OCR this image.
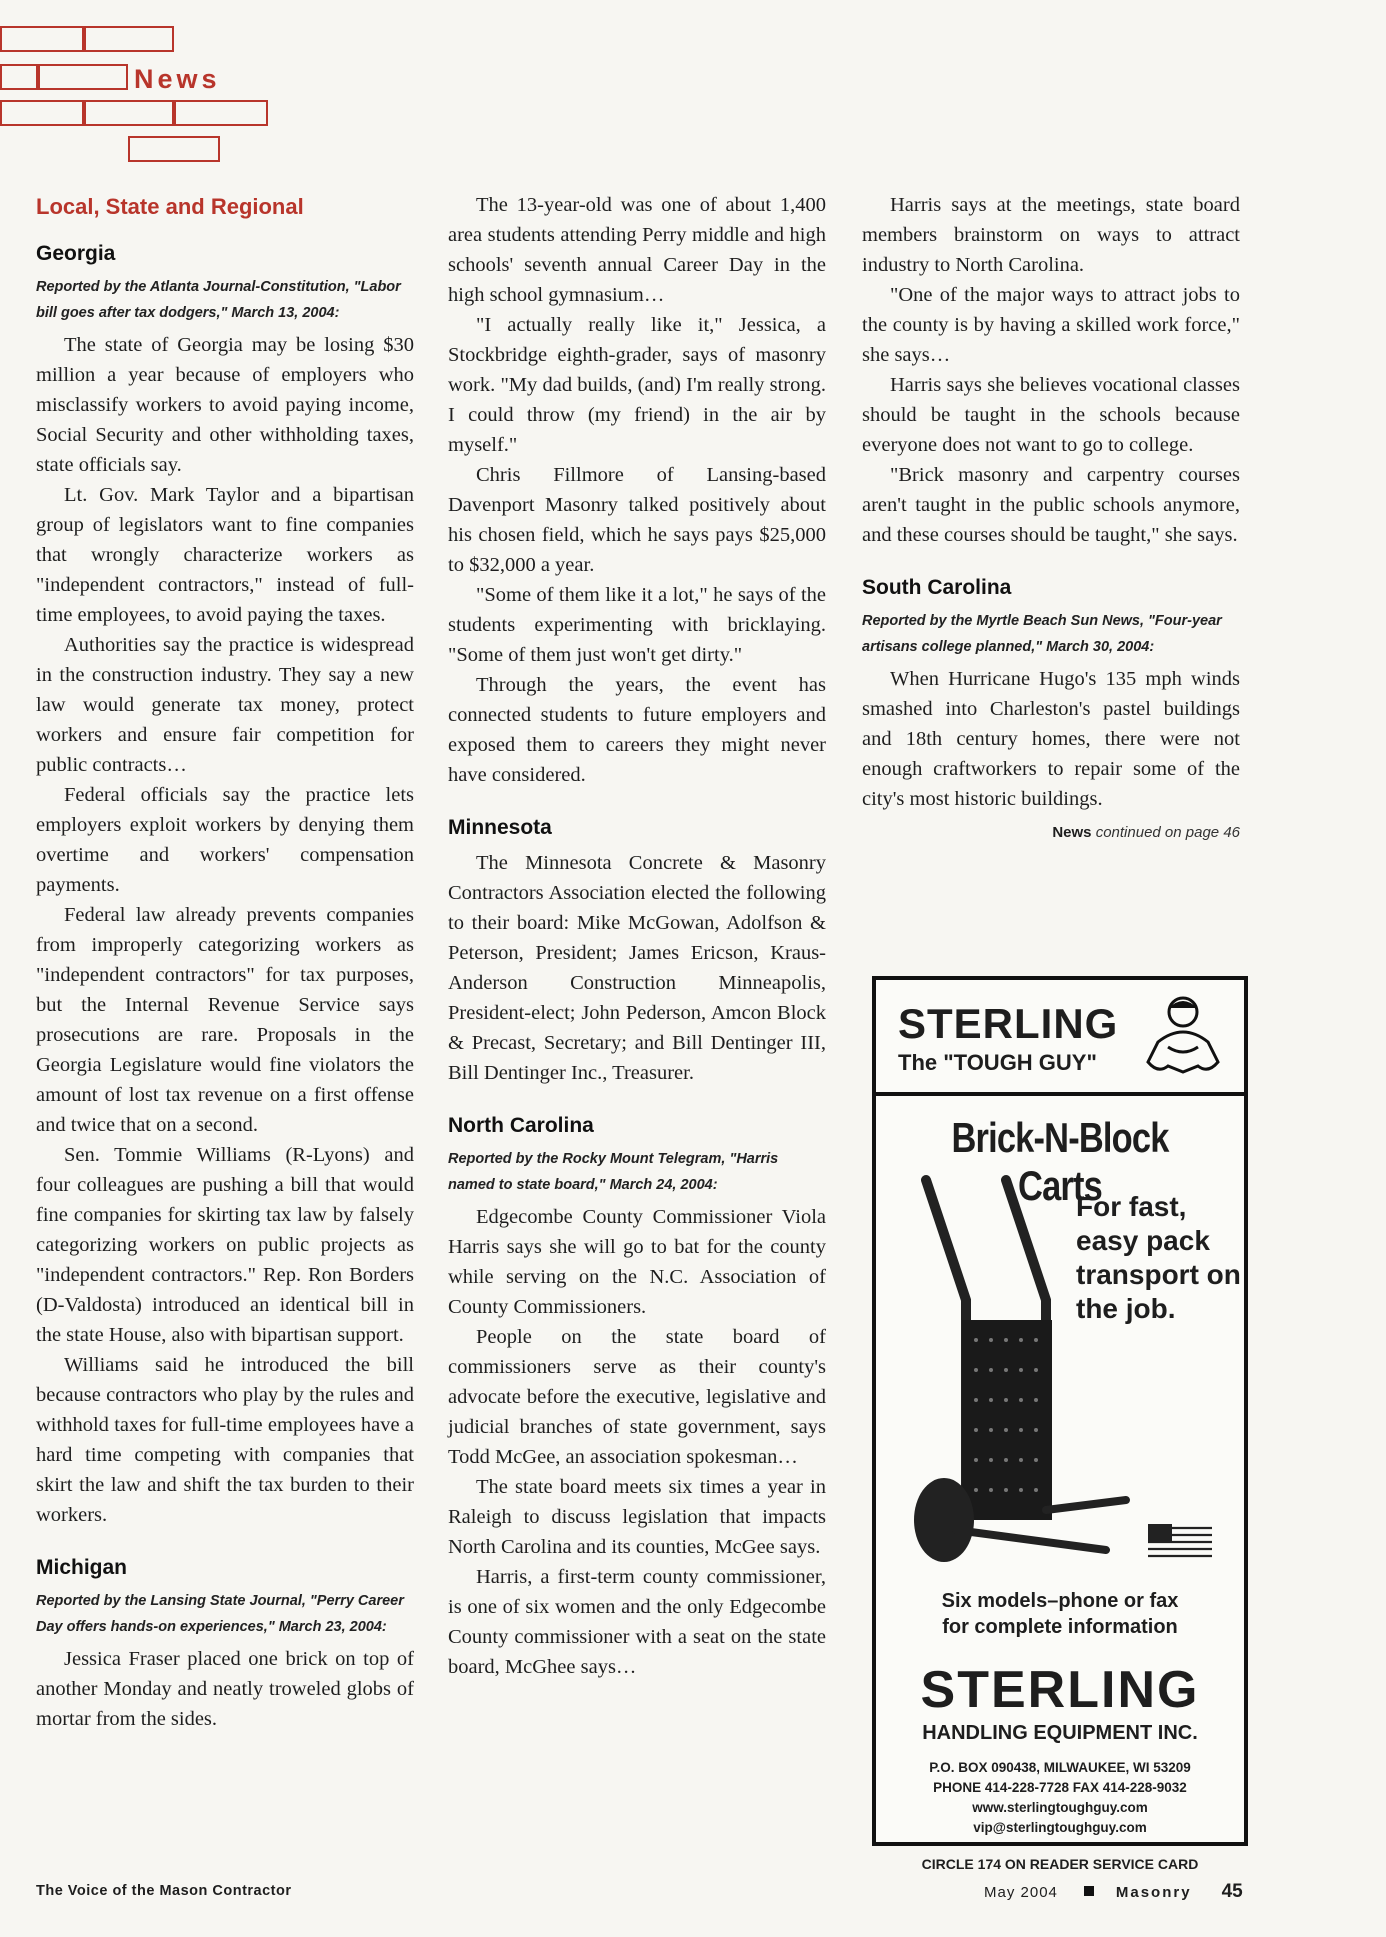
News
Local, State and Regional
Georgia
Reported by the Atlanta Journal-Constitution, "Labor bill goes after tax dodgers," March 13, 2004:

The state of Georgia may be losing $30 million a year because of employers who misclassify workers to avoid paying income, Social Security and other withholding taxes, state officials say.

Lt. Gov. Mark Taylor and a bipartisan group of legislators want to fine companies that wrongly characterize workers as "independent contractors," instead of full-time employees, to avoid paying the taxes.

Authorities say the practice is widespread in the construction industry. They say a new law would generate tax money, protect workers and ensure fair competition for public contracts…

Federal officials say the practice lets employers exploit workers by denying them overtime and workers' compensation payments.

Federal law already prevents companies from improperly categorizing workers as "independent contractors" for tax purposes, but the Internal Revenue Service says prosecutions are rare. Proposals in the Georgia Legislature would fine violators the amount of lost tax revenue on a first offense and twice that on a second.

Sen. Tommie Williams (R-Lyons) and four colleagues are pushing a bill that would fine companies for skirting tax law by falsely categorizing workers on public projects as "independent contractors." Rep. Ron Borders (D-Valdosta) introduced an identical bill in the state House, also with bipartisan support.

Williams said he introduced the bill because contractors who play by the rules and withhold taxes for full-time employees have a hard time competing with companies that skirt the law and shift the tax burden to their workers.

Michigan
Reported by the Lansing State Journal, "Perry Career Day offers hands-on experiences," March 23, 2004:

Jessica Fraser placed one brick on top of another Monday and neatly troweled globs of mortar from the sides.

The 13-year-old was one of about 1,400 area students attending Perry middle and high schools' seventh annual Career Day in the high school gymnasium…

"I actually really like it," Jessica, a Stockbridge eighth-grader, says of masonry work. "My dad builds, (and) I'm really strong. I could throw (my friend) in the air by myself."

Chris Fillmore of Lansing-based Davenport Masonry talked positively about his chosen field, which he says pays $25,000 to $32,000 a year.

"Some of them like it a lot," he says of the students experimenting with bricklaying. "Some of them just won't get dirty."

Through the years, the event has connected students to future employers and exposed them to careers they might never have considered.

Minnesota

The Minnesota Concrete & Masonry Contractors Association elected the following to their board: Mike McGowan, Adolfson & Peterson, President; James Ericson, Kraus-Anderson Construction Minneapolis, President-elect; John Pederson, Amcon Block & Precast, Secretary; and Bill Dentinger III, Bill Dentinger Inc., Treasurer.

North Carolina
Reported by the Rocky Mount Telegram, "Harris named to state board," March 24, 2004:

Edgecombe County Commissioner Viola Harris says she will go to bat for the county while serving on the N.C. Association of County Commissioners.

People on the state board of commissioners serve as their county's advocate before the executive, legislative and judicial branches of state government, says Todd McGee, an association spokesman…

The state board meets six times a year in Raleigh to discuss legislation that impacts North Carolina and its counties, McGee says.

Harris, a first-term county commissioner, is one of six women and the only Edgecombe County commissioner with a seat on the state board, McGhee says…

Harris says at the meetings, state board members brainstorm on ways to attract industry to North Carolina.

"One of the major ways to attract jobs to the county is by having a skilled work force," she says…

Harris says she believes vocational classes should be taught in the schools because everyone does not want to go to college.

"Brick masonry and carpentry courses aren't taught in the public schools anymore, and these courses should be taught," she says.

South Carolina
Reported by the Myrtle Beach Sun News, "Four-year artisans college planned," March 30, 2004:

When Hurricane Hugo's 135 mph winds smashed into Charleston's pastel buildings and 18th century homes, there were not enough craftworkers to repair some of the city's most historic buildings.

News continued on page 46
STERLING
The "TOUGH GUY"
Brick-N-Block Carts
For fast, easy pack transport on the job.
Six models–phone or fax
for complete information
STERLING
HANDLING EQUIPMENT INC.
P.O. BOX 090438, MILWAUKEE, WI 53209
PHONE 414-228-7728 FAX 414-228-9032
www.sterlingtoughguy.com
vip@sterlingtoughguy.com
CIRCLE 174 ON READER SERVICE CARD
The Voice of the Mason Contractor	May 2004	Masonry 45
